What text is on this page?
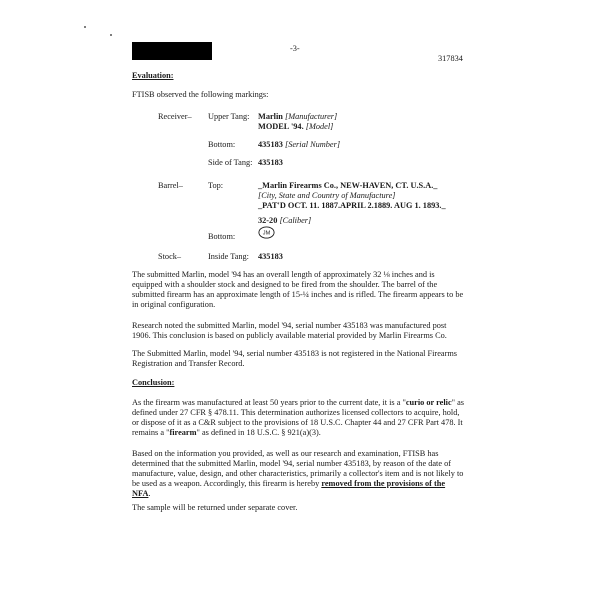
-3-
317834
Evaluation:
FTISB observed the following markings:
Receiver– Upper Tang: Marlin [Manufacturer]
MODEL '94. [Model]
Bottom:	435183 [Serial Number]
Side of Tang: 435183
Barrel–	Top:	_Marlin Firearms Co., NEW-HAVEN, CT. U.S.A._
[City, State and Country of Manufacture]
_PAT'D OCT. 11. 1887.APRIL 2.1889. AUG 1. 1893._
32-20 [Caliber]
Bottom:	JM
Stock–	Inside Tang: 435183
The submitted Marlin, model '94 has an overall length of approximately 32 ⅛ inches and is equipped with a shoulder stock and designed to be fired from the shoulder. The barrel of the submitted firearm has an approximate length of 15-¼ inches and is rifled. The firearm appears to be in original configuration.
Research noted the submitted Marlin, model '94, serial number 435183 was manufactured post 1906. This conclusion is based on publicly available material provided by Marlin Firearms Co.
The Submitted Marlin, model '94, serial number 435183 is not registered in the National Firearms Registration and Transfer Record.
Conclusion:
As the firearm was manufactured at least 50 years prior to the current date, it is a "curio or relic" as defined under 27 CFR § 478.11. This determination authorizes licensed collectors to acquire, hold, or dispose of it as a C&R subject to the provisions of 18 U.S.C. Chapter 44 and 27 CFR Part 478. It remains a "firearm" as defined in 18 U.S.C. § 921(a)(3).
Based on the information you provided, as well as our research and examination, FTISB has determined that the submitted Marlin, model '94, serial number 435183, by reason of the date of manufacture, value, design, and other characteristics, primarily a collector's item and is not likely to be used as a weapon. Accordingly, this firearm is hereby removed from the provisions of the NFA.
The sample will be returned under separate cover.
